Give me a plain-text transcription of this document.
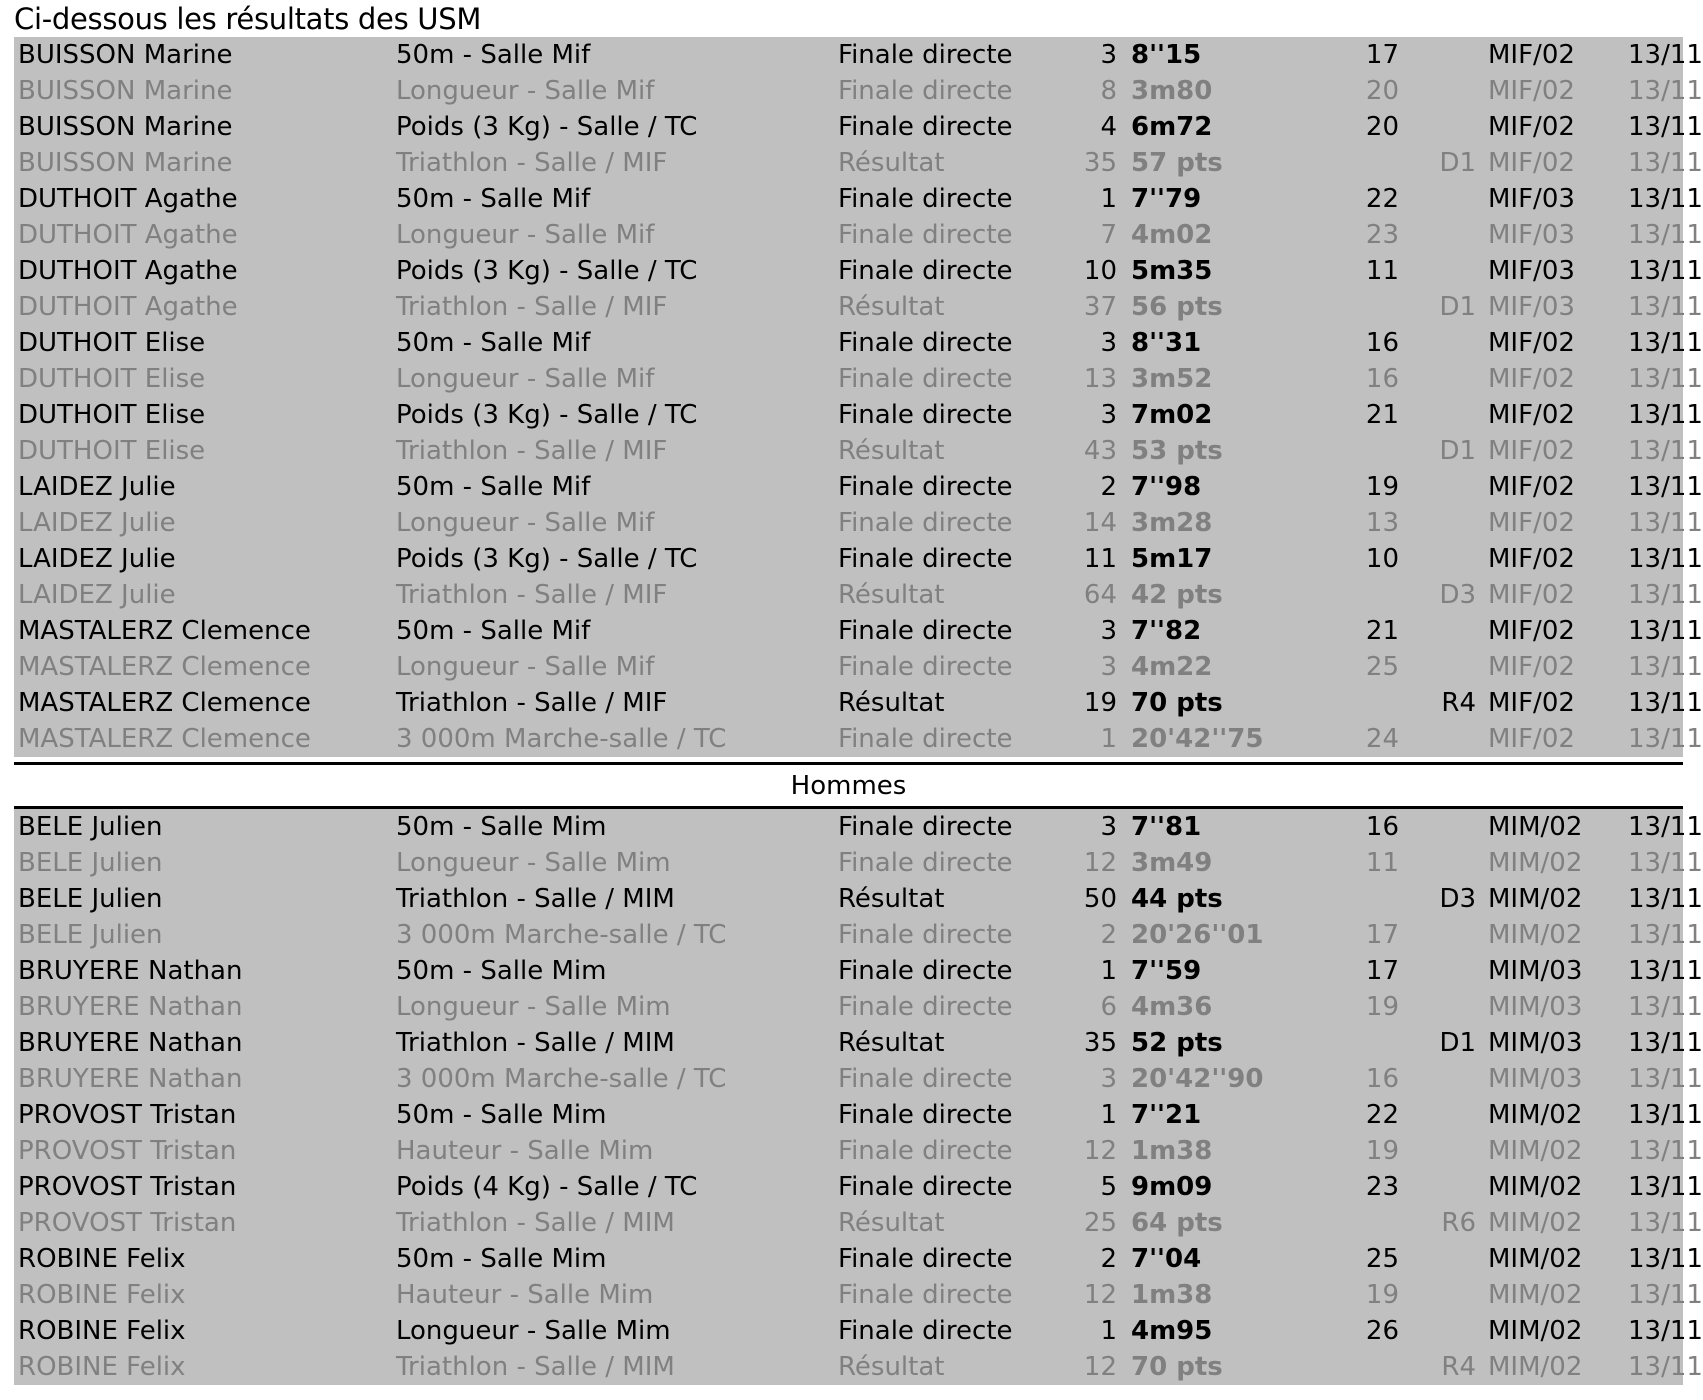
Ci-dessous les résultats des USM
BUISSON Marine	50m - Salle Mif	Finale directe	3	8''15	17		MIF/02	13/11
BUISSON Marine	Longueur - Salle Mif	Finale directe	8	3m80	20		MIF/02	13/11
BUISSON Marine	Poids (3 Kg) - Salle / TC	Finale directe	4	6m72	20		MIF/02	13/11
BUISSON Marine	Triathlon - Salle / MIF	Résultat	35	57 pts		D1	MIF/02	13/11
DUTHOIT Agathe	50m - Salle Mif	Finale directe	1	7''79	22		MIF/03	13/11
DUTHOIT Agathe	Longueur - Salle Mif	Finale directe	7	4m02	23		MIF/03	13/11
DUTHOIT Agathe	Poids (3 Kg) - Salle / TC	Finale directe	10	5m35	11		MIF/03	13/11
DUTHOIT Agathe	Triathlon - Salle / MIF	Résultat	37	56 pts		D1	MIF/03	13/11
DUTHOIT Elise	50m - Salle Mif	Finale directe	3	8''31	16		MIF/02	13/11
DUTHOIT Elise	Longueur - Salle Mif	Finale directe	13	3m52	16		MIF/02	13/11
DUTHOIT Elise	Poids (3 Kg) - Salle / TC	Finale directe	3	7m02	21		MIF/02	13/11
DUTHOIT Elise	Triathlon - Salle / MIF	Résultat	43	53 pts		D1	MIF/02	13/11
LAIDEZ Julie	50m - Salle Mif	Finale directe	2	7''98	19		MIF/02	13/11
LAIDEZ Julie	Longueur - Salle Mif	Finale directe	14	3m28	13		MIF/02	13/11
LAIDEZ Julie	Poids (3 Kg) - Salle / TC	Finale directe	11	5m17	10		MIF/02	13/11
LAIDEZ Julie	Triathlon - Salle / MIF	Résultat	64	42 pts		D3	MIF/02	13/11
MASTALERZ Clemence	50m - Salle Mif	Finale directe	3	7''82	21		MIF/02	13/11
MASTALERZ Clemence	Longueur - Salle Mif	Finale directe	3	4m22	25		MIF/02	13/11
MASTALERZ Clemence	Triathlon - Salle / MIF	Résultat	19	70 pts		R4	MIF/02	13/11
MASTALERZ Clemence	3 000m Marche-salle / TC	Finale directe	1	20'42''75	24		MIF/02	13/11
Hommes
BELE Julien	50m - Salle Mim	Finale directe	3	7''81	16		MIM/02	13/11
BELE Julien	Longueur - Salle Mim	Finale directe	12	3m49	11		MIM/02	13/11
BELE Julien	Triathlon - Salle / MIM	Résultat	50	44 pts		D3	MIM/02	13/11
BELE Julien	3 000m Marche-salle / TC	Finale directe	2	20'26''01	17		MIM/02	13/11
BRUYERE Nathan	50m - Salle Mim	Finale directe	1	7''59	17		MIM/03	13/11
BRUYERE Nathan	Longueur - Salle Mim	Finale directe	6	4m36	19		MIM/03	13/11
BRUYERE Nathan	Triathlon - Salle / MIM	Résultat	35	52 pts		D1	MIM/03	13/11
BRUYERE Nathan	3 000m Marche-salle / TC	Finale directe	3	20'42''90	16		MIM/03	13/11
PROVOST Tristan	50m - Salle Mim	Finale directe	1	7''21	22		MIM/02	13/11
PROVOST Tristan	Hauteur - Salle Mim	Finale directe	12	1m38	19		MIM/02	13/11
PROVOST Tristan	Poids (4 Kg) - Salle / TC	Finale directe	5	9m09	23		MIM/02	13/11
PROVOST Tristan	Triathlon - Salle / MIM	Résultat	25	64 pts		R6	MIM/02	13/11
ROBINE Felix	50m - Salle Mim	Finale directe	2	7''04	25		MIM/02	13/11
ROBINE Felix	Hauteur - Salle Mim	Finale directe	12	1m38	19		MIM/02	13/11
ROBINE Felix	Longueur - Salle Mim	Finale directe	1	4m95	26		MIM/02	13/11
ROBINE Felix	Triathlon - Salle / MIM	Résultat	12	70 pts		R4	MIM/02	13/11
